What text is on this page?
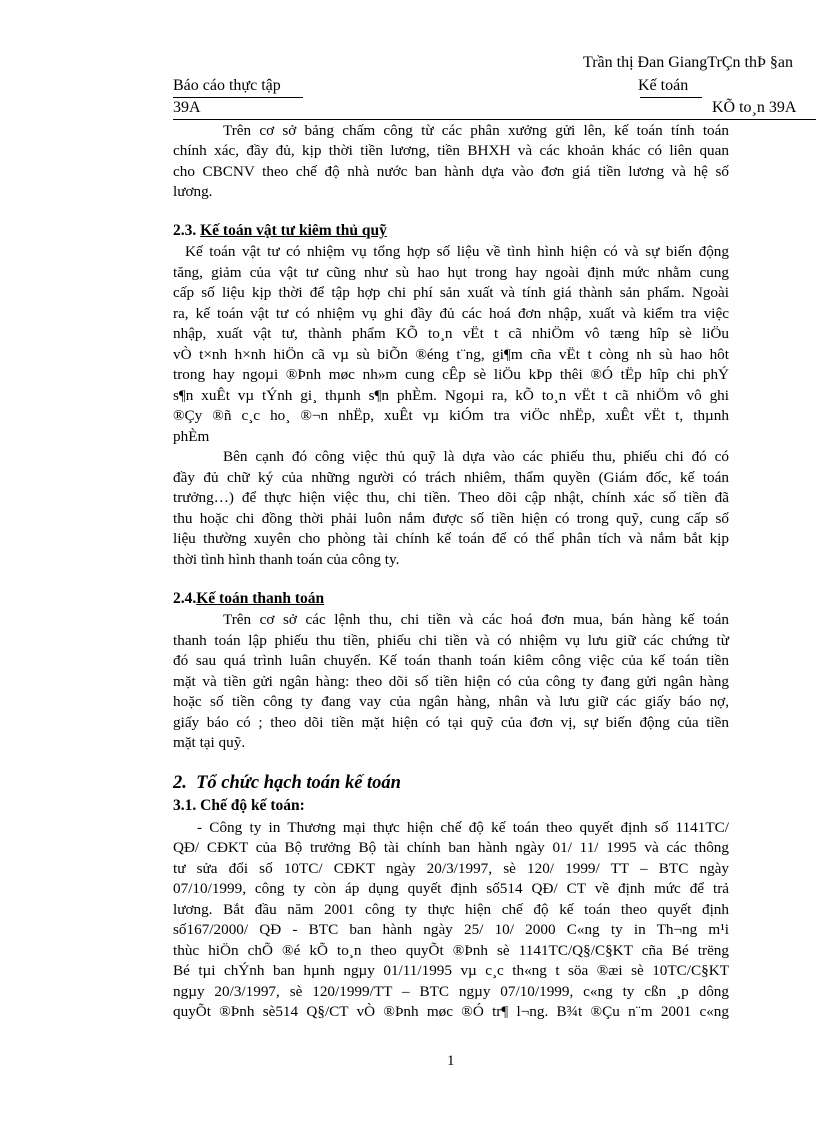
Trần thị Đan GiangTrÇn thÞ §an
Báo cáo thực tập	Kế toán
39A	KÕ to¸n 39A
Trên cơ sở bảng chấm công từ các phân xưởng gửi lên, kế toán tính toán
chính xác, đầy đủ, kịp thời tiền lương, tiền BHXH và các khoản khác có liên quan
cho CBCNV theo chế độ nhà nước ban hành dựa vào đơn giá tiền lương và hệ số
lương.
2.3. Kế toán vật tư kiêm thủ quỹ
Kế toán vật tư có nhiệm vụ tổng hợp số liệu về tình hình hiện có và sự biến động
tăng, giảm của vật tư cũng như sù hao hụt trong hay ngoài định mức nhằm cung
cấp số liệu kịp thời để tập hợp chi phí sản xuất và tính giá thành sản phẩm. Ngoài
ra, kế toán vật tư có nhiệm vụ ghi đầy đủ các hoá đơn nhập, xuất và kiểm tra việc
nhập, xuất vật tư, thành phẩm KÕ to¸n vËt t cã nhiÖm vô tæng hîp sè liÖu
vÒ t×nh h×nh hiÖn cã vµ sù biÕn ®éng t¨ng, gi¶m cña vËt t còng nh sù hao hôt
trong hay ngoµi ®Þnh møc nh»m cung cÊp sè liÖu kÞp thêi ®Ó tËp hîp chi phÝ
s¶n xuÊt vµ tÝnh gi¸ thµnh s¶n phÈm. Ngoµi ra, kÕ to¸n vËt t cã nhiÖm vô ghi
®Çy ®ñ c¸c ho¸ ®¬n nhËp, xuÊt vµ kiÓm tra viÖc nhËp, xuÊt vËt t, thµnh
phÈm
Bên cạnh đó công việc thủ quỹ là dựa vào các phiếu thu, phiếu chi đó có
đầy đủ chữ ký của những người có trách nhiêm, thẩm quyền (Giám đốc, kế toán
trưởng…) để thực hiện việc thu, chi tiền. Theo dõi cập nhật, chính xác số tiền đã
thu hoặc chi đồng thời phải luôn nắm được số tiền hiện có trong quỹ, cung cấp số
liệu thường xuyên cho phòng tài chính kế toán để có thể phân tích và nắm bắt kịp
thời tình hình thanh toán của công ty.
2.4.Kế toán thanh toán
Trên cơ sở các lệnh thu, chi tiền và các hoá đơn mua, bán hàng kế toán
thanh toán lập phiếu thu tiền, phiếu chi tiền và có nhiệm vụ lưu giữ các chứng từ
đó sau quá trình luân chuyển. Kế toán thanh toán kiêm công việc của kế toán tiền
mặt và tiền gửi ngân hàng: theo dõi số tiền hiện có của công ty đang gửi ngân hàng
hoặc số tiền công ty đang vay của ngân hàng, nhân và lưu giữ các giấy báo nợ,
giấy báo có ; theo dõi tiền mặt hiện có tại quỹ của đơn vị, sự biến động của tiền
mặt tại quỹ.
2. Tổ chức hạch toán kế toán
3.1. Chế độ kế toán:
- Công ty in Thương mại thực hiện chế độ kế toán theo quyết định số 1141TC/
QĐ/ CĐKT của Bộ trưởng Bộ tài chính ban hành ngày 01/ 11/ 1995 và các thông
tư sửa đổi số 10TC/ CĐKT ngày 20/3/1997, sè 120/ 1999/ TT – BTC ngày
07/10/1999, công ty còn áp dụng quyết định số514 QĐ/ CT về định mức để trả
lương. Bắt đầu năm 2001 công ty thực hiện chế độ kế toán theo quyết định
số167/2000/ QĐ - BTC ban hành ngày 25/ 10/ 2000 C«ng ty in Th¬ng m¹i
thùc hiÖn chÕ ®é kÕ to¸n theo quyÕt ®Þnh sè 1141TC/Q§/C§KT cña Bé trëng
Bé tµi chÝnh ban hµnh ngµy 01/11/1995 vµ c¸c th«ng t söa ®æi sè 10TC/C§KT
ngµy 20/3/1997, sè 120/1999/TT – BTC ngµy 07/10/1999, c«ng ty cßn ¸p dông
quyÕt ®Þnh sè514 Q§/CT vÒ ®Þnh møc ®Ó tr¶ l¬ng. B¾t ®Çu n¨m 2001 c«ng
1
